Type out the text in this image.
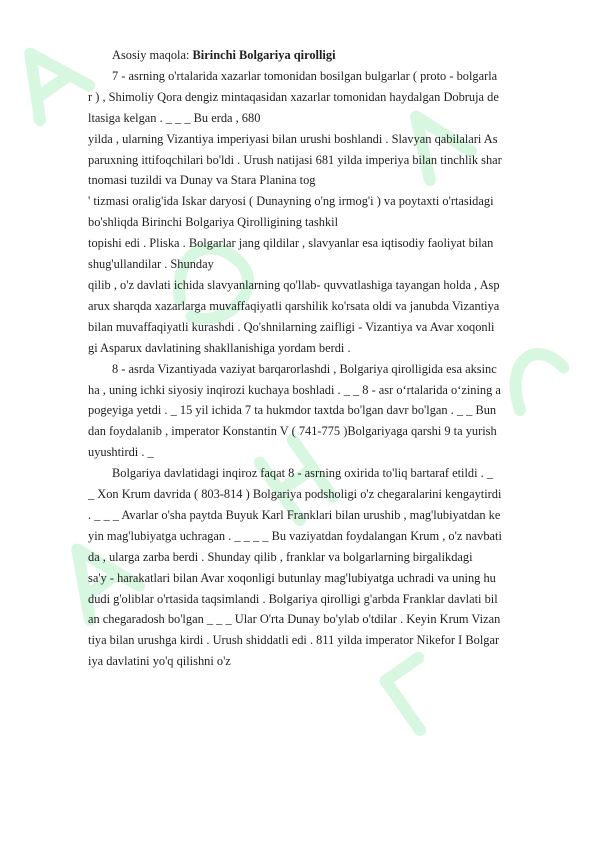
Asosiy maqola: Birinchi Bolgariya qirolligi
7 - asrning o'rtalarida xazarlar tomonidan bosilgan bulgarlar ( proto - bolgarla
r ) , Shimoliy Qora dengiz mintaqasidan xazarlar tomonidan haydalgan Dobruja de
ltasiga kelgan . _ _ _ Bu erda , 680
yilda , ularning Vizantiya imperiyasi bilan urushi boshlandi . Slavyan qabilalari As
paruxning ittifoqchilari bo'ldi . Urush natijasi 681 yilda imperiya bilan tinchlik shar
tnomasi tuzildi va Dunay va Stara Planina tog
' tizmasi oralig'ida Iskar daryosi ( Dunayning o'ng irmog'i ) va poytaxti o'rtasidagi
bo'shliqda Birinchi Bolgariya Qirolligining tashkil
topishi edi . Pliska . Bolgarlar jang qildilar , slavyanlar esa iqtisodiy faoliyat bilan
shug'ullandilar . Shunday
qilib , o'z davlati ichida slavyanlarning qo'llab- quvvatlashiga tayangan holda , Asp
arux sharqda xazarlarga muvaffaqiyatli qarshilik ko'rsata oldi va janubda Vizantiya
bilan muvaffaqiyatli kurashdi . Qo'shnilarning zaifligi - Vizantiya va Avar xoqonli
gi Asparux davlatining shakllanishiga yordam berdi .
8 - asrda Vizantiyada vaziyat barqarorlashdi , Bolgariya qirolligida esa aksinc
ha , uning ichki siyosiy inqirozi kuchaya boshladi . _ _ 8 - asr o‘rtalarida o‘zining a
pogeyiga yetdi . _ 15 yil ichida 7 ta hukmdor taxtda bo'lgan davr bo'lgan . _ _ Bun
dan foydalanib , imperator Konstantin V ( 741-775 )Bolgariyaga qarshi 9 ta yurish
uyushtirdi . _
Bolgariya davlatidagi inqiroz faqat 8 - asrning oxirida to'liq bartaraf etildi . _
_ Xon Krum davrida ( 803-814 ) Bolgariya podsholigi o'z chegaralarini kengaytirdi
. _ _ _ Avarlar o'sha paytda Buyuk Karl Franklari bilan urushib , mag'lubiyatdan ke
yin mag'lubiyatga uchragan . _ _ _ _ Bu vaziyatdan foydalangan Krum , o'z navbati
da , ularga zarba berdi . Shunday qilib , franklar va bolgarlarning birgalikdagi
sa'y - harakatlari bilan Avar xoqonligi butunlay mag'lubiyatga uchradi va uning hu
dudi g'oliblar o'rtasida taqsimlandi . Bolgariya qirolligi g'arbda Franklar davlati bil
an chegaradosh bo'lgan _ _ _ Ular O'rta Dunay bo'ylab o'tdilar . Keyin Krum Vizan
tiya bilan urushga kirdi . Urush shiddatli edi . 811 yilda imperator Nikefor I Bolgar
iya davlatini yo'q qilishni o'z
